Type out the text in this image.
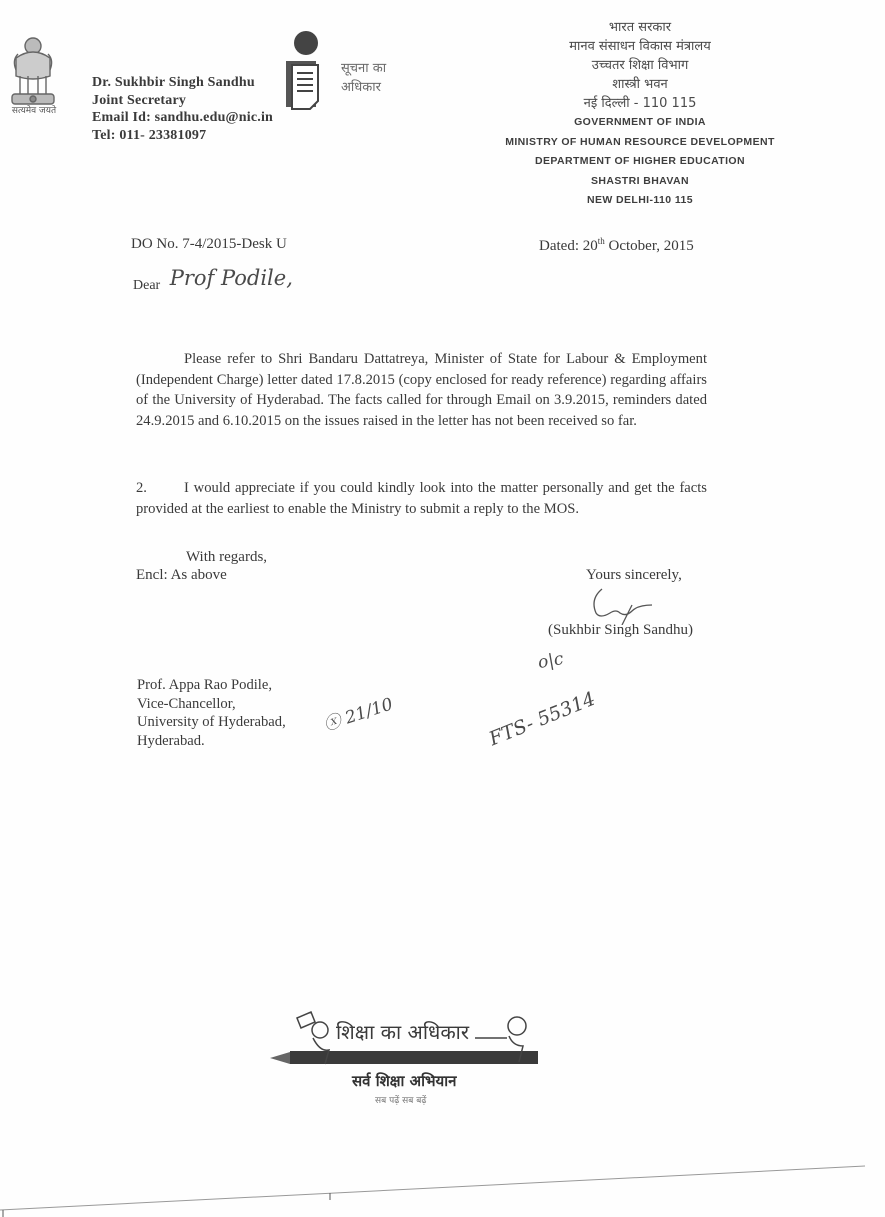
सत्यमेव जयते
Dr. Sukhbir Singh Sandhu
Joint Secretary
Email Id: sandhu.edu@nic.in
Tel: 011- 23381097
सूचना का
अधिकार
भारत सरकार
मानव संसाधन विकास मंत्रालय
उच्चतर शिक्षा विभाग
शास्त्री भवन
नई दिल्ली - 110 115
GOVERNMENT OF INDIA
MINISTRY OF HUMAN RESOURCE DEVELOPMENT
DEPARTMENT OF HIGHER EDUCATION
SHASTRI BHAVAN
NEW DELHI-110 115
DO No. 7-4/2015-Desk U	Dated: 20th October, 2015
Dear Prof Podile,
Please refer to Shri Bandaru Dattatreya, Minister of State for Labour & Employment (Independent Charge) letter dated 17.8.2015 (copy enclosed for ready reference) regarding affairs of the University of Hyderabad. The facts called for through Email on 3.9.2015, reminders dated 24.9.2015 and 6.10.2015 on the issues raised in the letter has not been received so far.
2.	I would appreciate if you could kindly look into the matter personally and get the facts provided at the earliest to enable the Ministry to submit a reply to the MOS.
With regards,
Encl: As above	Yours sincerely,
(Sukhbir Singh Sandhu)
o|c
Prof. Appa Rao Podile,
Vice-Chancellor,
University of Hyderabad,
Hyderabad.
ⓧ 21/10	FTS- 55314
शिक्षा का अधिकार
सर्व शिक्षा अभियान
सब पढ़ें सब बढ़ें
